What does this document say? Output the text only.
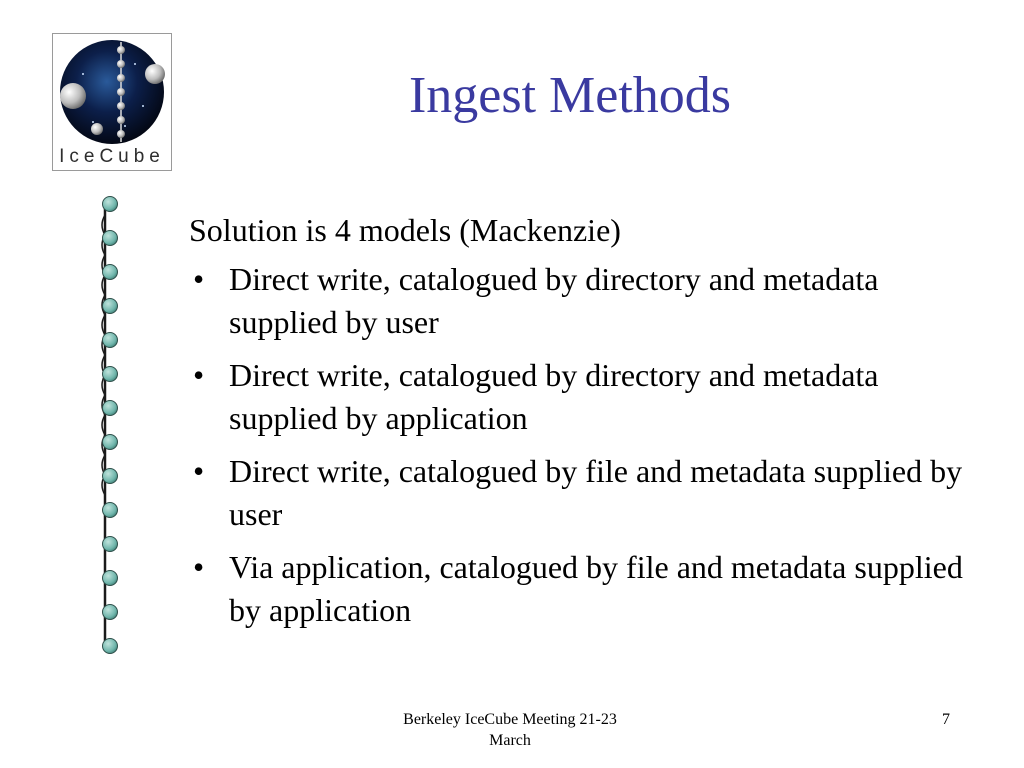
IceCube
Ingest Methods

Solution is 4 models (Mackenzie)

• Direct write, catalogued by directory and metadata supplied by user
• Direct write, catalogued by directory and metadata supplied by application
• Direct write, catalogued by file and metadata supplied by user
• Via application, catalogued by file and metadata supplied by application
Berkeley IceCube Meeting 21-23
March
7
